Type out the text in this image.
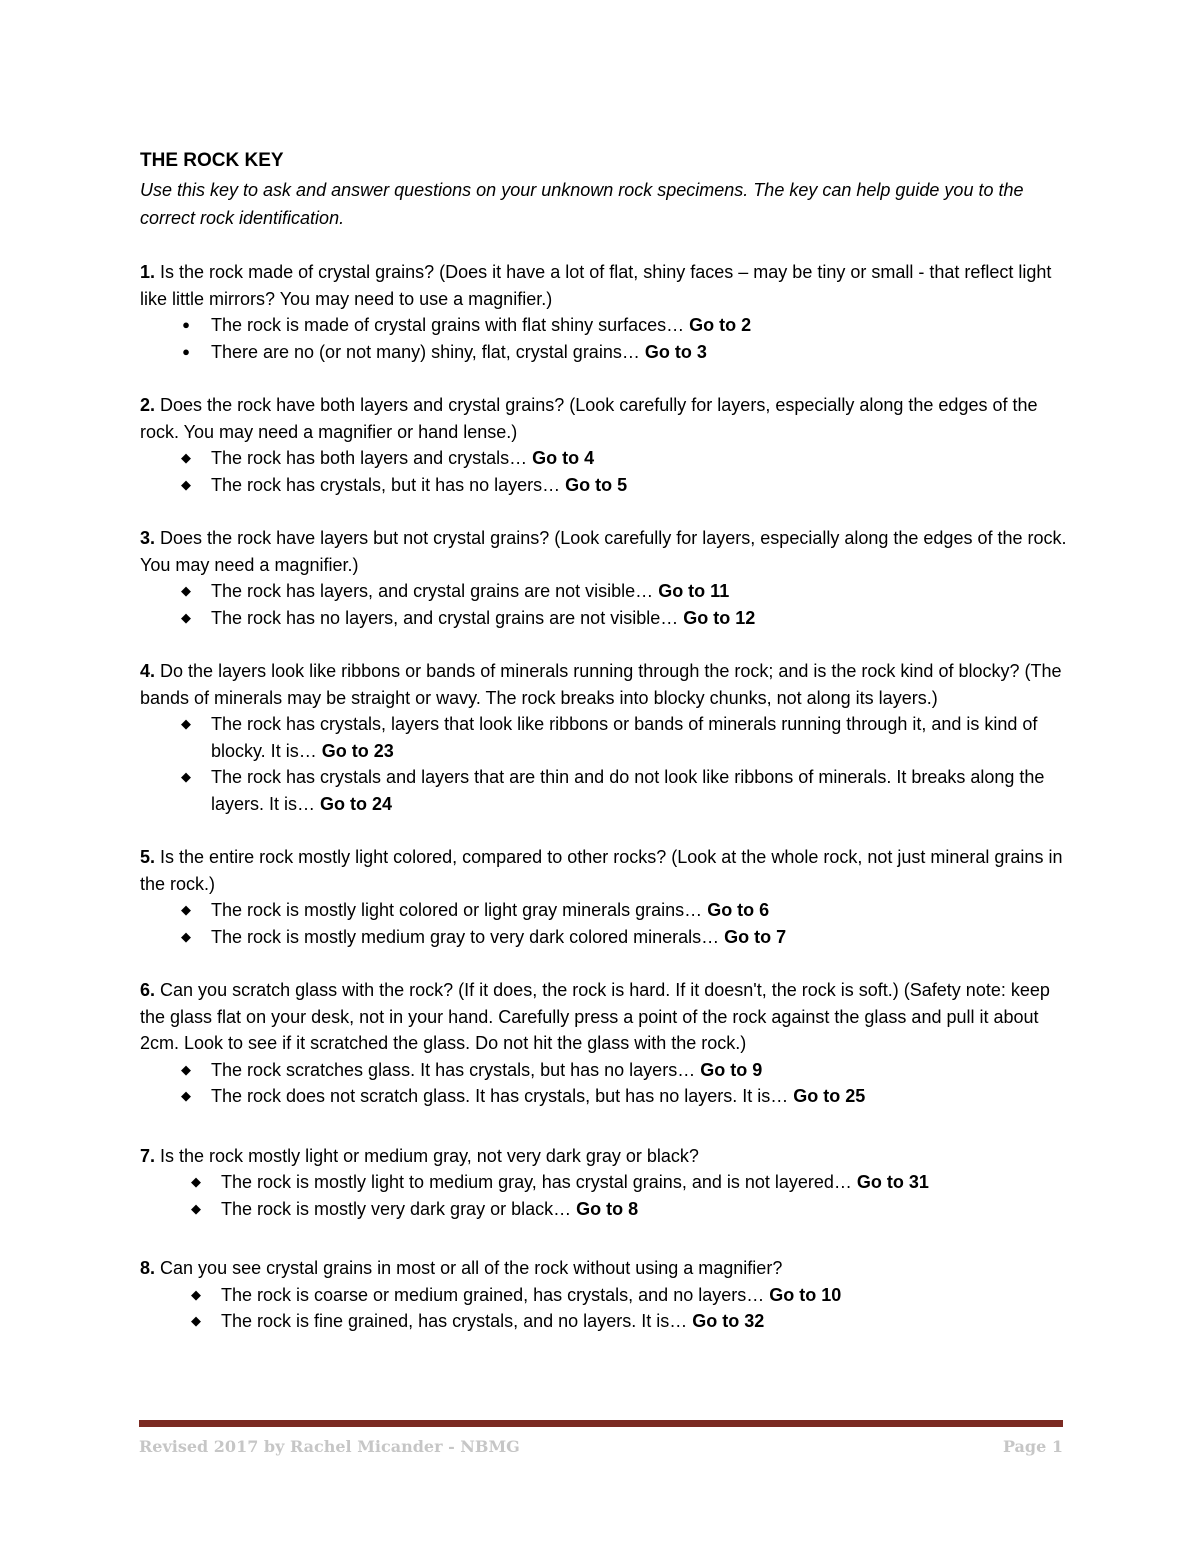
THE ROCK KEY

Use this key to ask and answer questions on your unknown rock specimens. The key can help guide you to the correct rock identification.

1. Is the rock made of crystal grains? (Does it have a lot of flat, shiny faces – may be tiny or small - that reflect light like little mirrors? You may need to use a magnifier.)

●	The rock is made of crystal grains with flat shiny surfaces… Go to 2
●	There are no (or not many) shiny, flat, crystal grains… Go to 3

2. Does the rock have both layers and crystal grains? (Look carefully for layers, especially along the edges of the rock. You may need a magnifier or hand lense.)

◆ The rock has both layers and crystals… Go to 4
◆ The rock has crystals, but it has no layers… Go to 5

3. Does the rock have layers but not crystal grains? (Look carefully for layers, especially along the edges of the rock. You may need a magnifier.)

◆ The rock has layers, and crystal grains are not visible… Go to 11
◆ The rock has no layers, and crystal grains are not visible… Go to 12

4. Do the layers look like ribbons or bands of minerals running through the rock; and is the rock kind of blocky? (The bands of minerals may be straight or wavy. The rock breaks into blocky chunks, not along its layers.)

◆ The rock has crystals, layers that look like ribbons or bands of minerals running through it, and is kind of blocky. It is… Go to 23
◆ The rock has crystals and layers that are thin and do not look like ribbons of minerals. It breaks along the layers. It is… Go to 24

5. Is the entire rock mostly light colored, compared to other rocks? (Look at the whole rock, not just mineral grains in the rock.)

◆ The rock is mostly light colored or light gray minerals grains… Go to 6
◆ The rock is mostly medium gray to very dark colored minerals… Go to 7

6. Can you scratch glass with the rock? (If it does, the rock is hard. If it doesn't, the rock is soft.) (Safety note: keep the glass flat on your desk, not in your hand. Carefully press a point of the rock against the glass and pull it about 2cm. Look to see if it scratched the glass. Do not hit the glass with the rock.)

◆ The rock scratches glass. It has crystals, but has no layers… Go to 9
◆ The rock does not scratch glass. It has crystals, but has no layers. It is… Go to 25

7. Is the rock mostly light or medium gray, not very dark gray or black?

◆ The rock is mostly light to medium gray, has crystal grains, and is not layered… Go to 31
◆ The rock is mostly very dark gray or black… Go to 8

8. Can you see crystal grains in most or all of the rock without using a magnifier?

◆ The rock is coarse or medium grained, has crystals, and no layers… Go to 10
◆ The rock is fine grained, has crystals, and no layers. It is… Go to 32
Revised 2017 by Rachel Micander - NBMG	Page 1
